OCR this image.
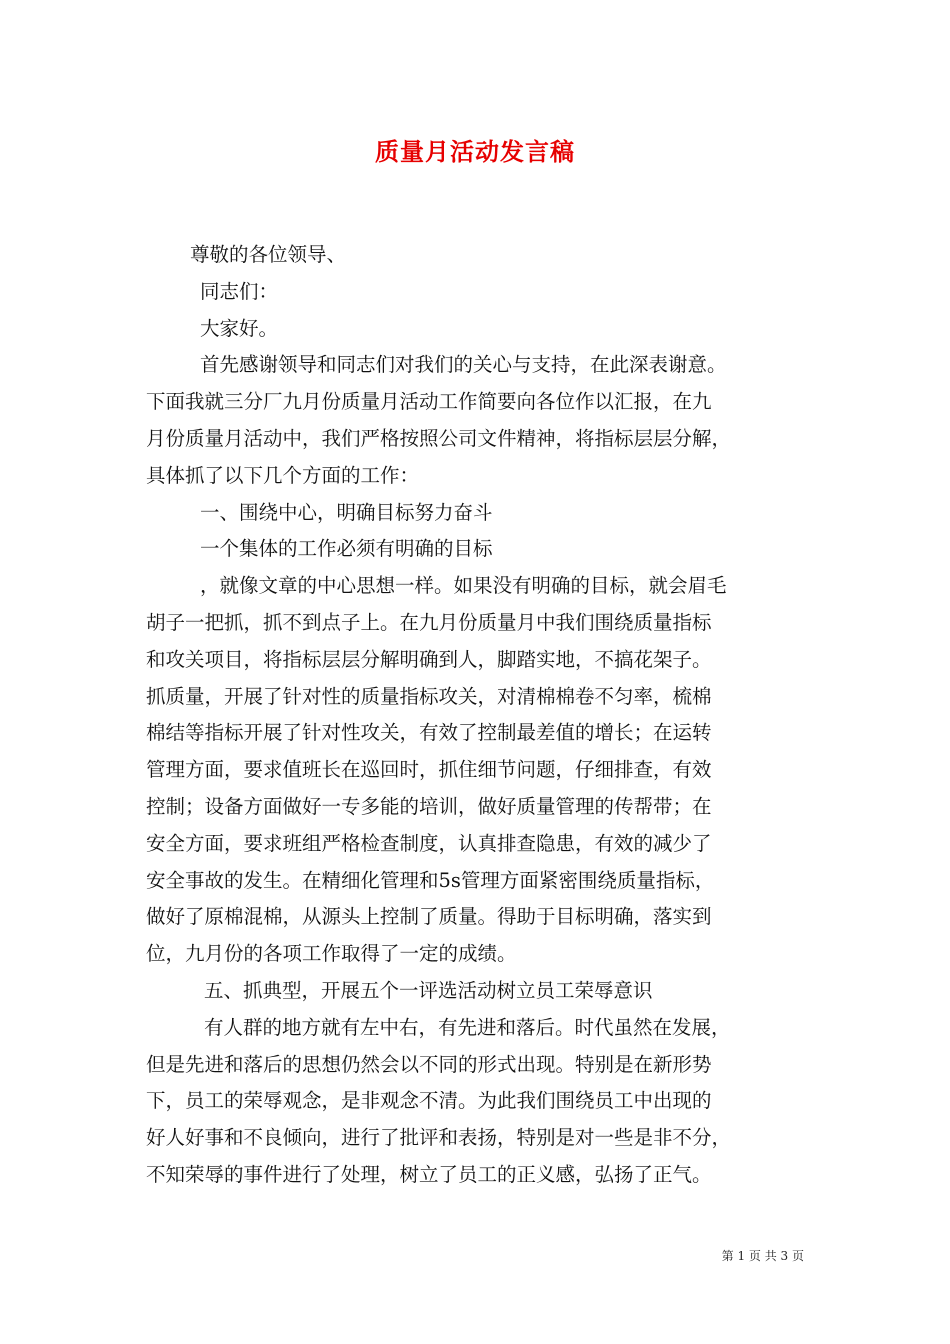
质量月活动发言稿
尊敬的各位领导、
同志们：
大家好。
首先感谢领导和同志们对我们的关心与支持，在此深表谢意。
下面我就三分厂九月份质量月活动工作简要向各位作以汇报，在九
月份质量月活动中，我们严格按照公司文件精神，将指标层层分解，
具体抓了以下几个方面的工作：
一、围绕中心，明确目标努力奋斗
一个集体的工作必须有明确的目标
，就像文章的中心思想一样。如果没有明确的目标，就会眉毛
胡子一把抓，抓不到点子上。在九月份质量月中我们围绕质量指标
和攻关项目，将指标层层分解明确到人，脚踏实地，不搞花架子。
抓质量，开展了针对性的质量指标攻关，对清棉棉卷不匀率，梳棉
棉结等指标开展了针对性攻关，有效了控制最差值的增长；在运转
管理方面，要求值班长在巡回时，抓住细节问题，仔细排查，有效
控制；设备方面做好一专多能的培训，做好质量管理的传帮带；在
安全方面，要求班组严格检查制度，认真排查隐患，有效的减少了
安全事故的发生。在精细化管理和5s管理方面紧密围绕质量指标，
做好了原棉混棉，从源头上控制了质量。得助于目标明确，落实到
位，九月份的各项工作取得了一定的成绩。
五、抓典型，开展五个一评选活动树立员工荣辱意识
有人群的地方就有左中右，有先进和落后。时代虽然在发展，
但是先进和落后的思想仍然会以不同的形式出现。特别是在新形势
下，员工的荣辱观念，是非观念不清。为此我们围绕员工中出现的
好人好事和不良倾向，进行了批评和表扬，特别是对一些是非不分，
不知荣辱的事件进行了处理，树立了员工的正义感，弘扬了正气。
第 1 页 共 3 页
